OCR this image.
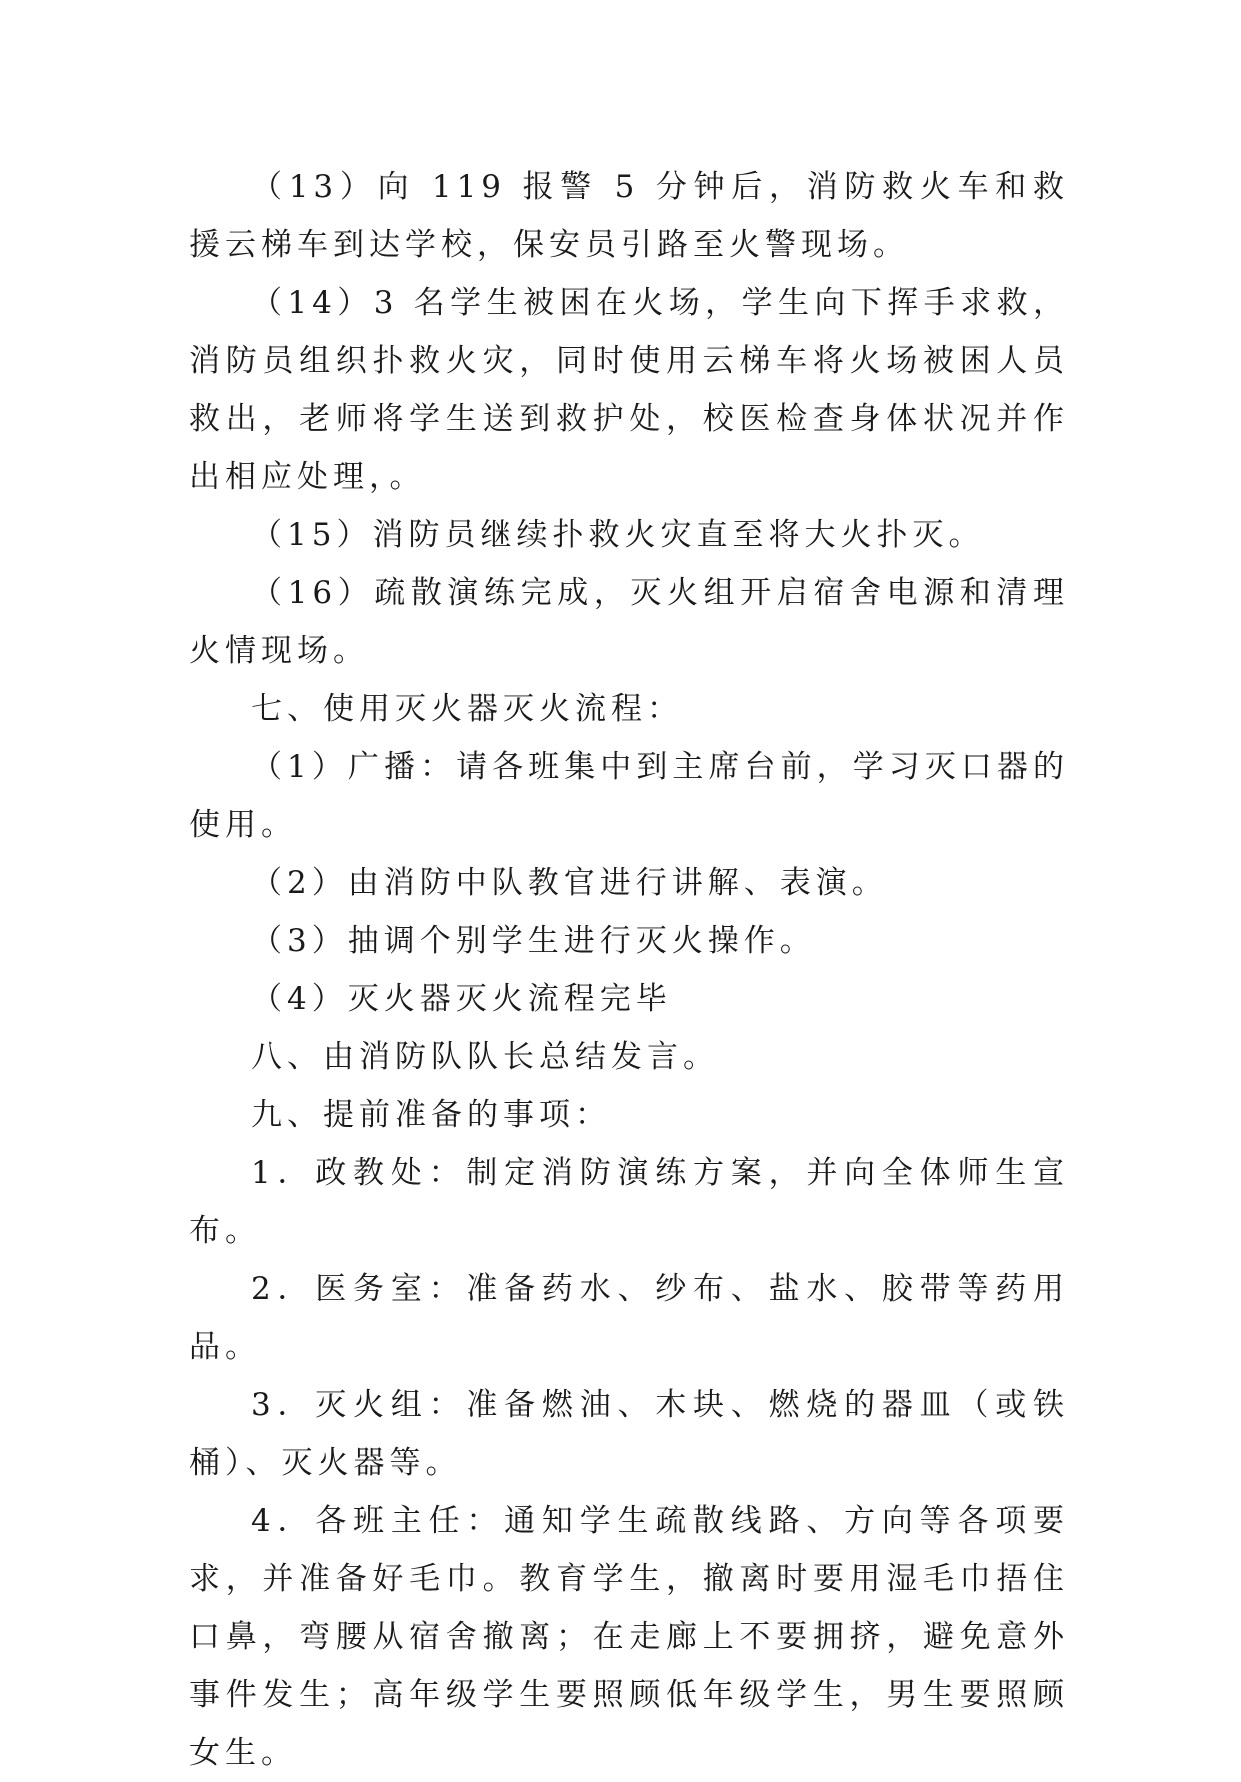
（13）向 119 报警 5 分钟后，消防救火车和救援云梯车到达学校，保安员引路至火警现场。

（14）3 名学生被困在火场，学生向下挥手求救，消防员组织扑救火灾，同时使用云梯车将火场被困人员救出，老师将学生送到救护处，校医检查身体状况并作出相应处理，。

（15）消防员继续扑救火灾直至将大火扑灭。

（16）疏散演练完成，灭火组开启宿舍电源和清理火情现场。

七、使用灭火器灭火流程：

（1）广播：请各班集中到主席台前，学习灭口器的使用。

（2）由消防中队教官进行讲解、表演。

（3）抽调个别学生进行灭火操作。

（4）灭火器灭火流程完毕

八、由消防队队长总结发言。

九、提前准备的事项：

1．政教处：制定消防演练方案，并向全体师生宣布。

2．医务室：准备药水、纱布、盐水、胶带等药用品。

3．灭火组：准备燃油、木块、燃烧的器皿（或铁桶）、灭火器等。

4．各班主任：通知学生疏散线路、方向等各项要求，并准备好毛巾。教育学生，撤离时要用湿毛巾捂住口鼻，弯腰从宿舍撤离；在走廊上不要拥挤，避免意外事件发生；高年级学生要照顾低年级学生，男生要照顾女生。
